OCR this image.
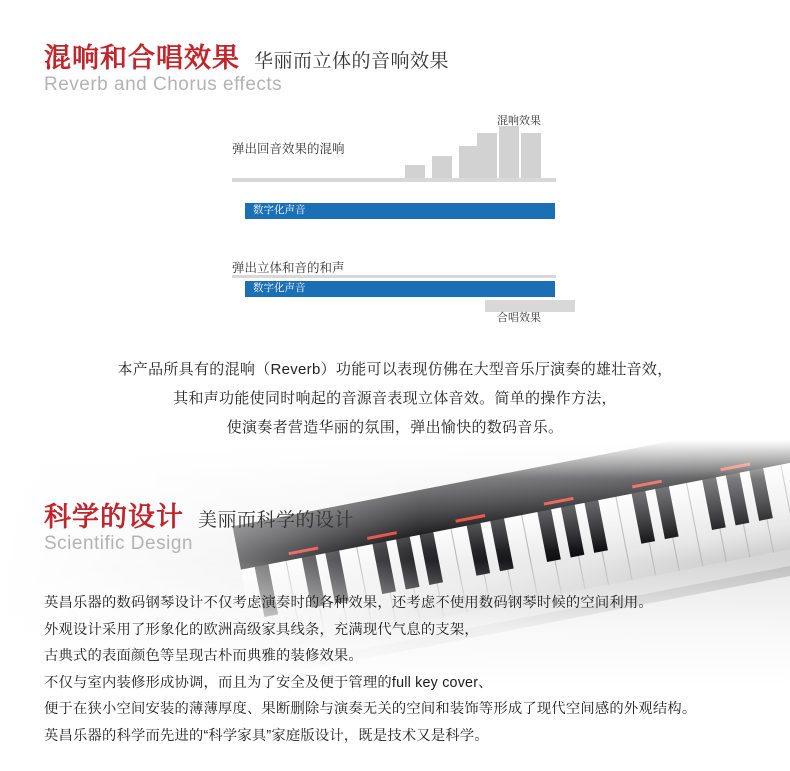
混响和合唱效果 华丽而立体的音响效果
Reverb and Chorus effects
弹出回音效果的混响
混响效果
数字化声音
弹出立体和音的和声
数字化声音
合唱效果
本产品所具有的混响（Reverb）功能可以表现仿佛在大型音乐厅演奏的雄壮音效，
其和声功能使同时响起的音源音表现立体音效。简单的操作方法，
使演奏者营造华丽的氛围，弹出愉快的数码音乐。
科学的设计 美丽而科学的设计
Scientific Design
英昌乐器的数码钢琴设计不仅考虑演奏时的各种效果，还考虑不使用数码钢琴时候的空间利用。
外观设计采用了形象化的欧洲高级家具线条，充满现代气息的支架，
古典式的表面颜色等呈现古朴而典雅的装修效果。
不仅与室内装修形成协调，而且为了安全及便于管理的full key cover、
便于在狭小空间安装的薄薄厚度、果断删除与演奏无关的空间和装饰等形成了现代空间感的外观结构。
英昌乐器的科学而先进的“科学家具”家庭版设计，既是技术又是科学。
